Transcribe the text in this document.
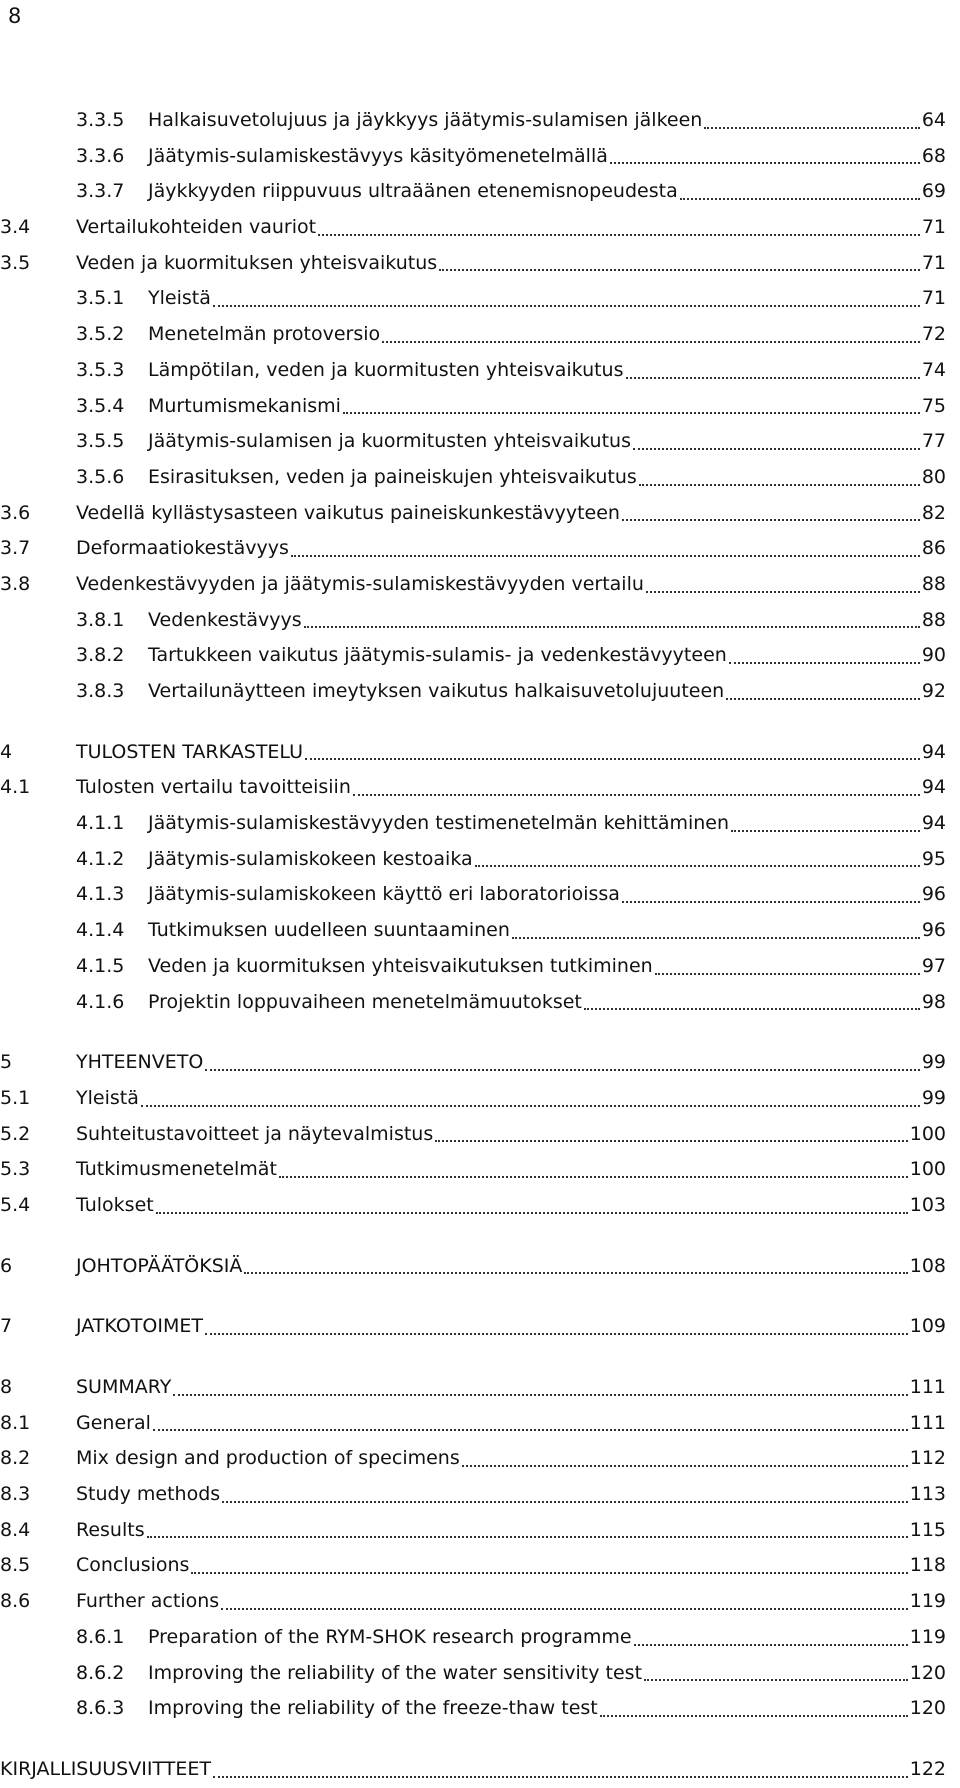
8
3.3.5 Halkaisuvetolujuus ja jäykkyys jäätymis-sulamisen jälkeen	64
3.3.6 Jäätymis-sulamiskestävyys käsityömenetelmällä	68
3.3.7 Jäykkyyden riippuvuus ultraäänen etenemisnopeudesta	69
3.4 Vertailukohteiden vauriot	71
3.5 Veden ja kuormituksen yhteisvaikutus	71
3.5.1 Yleistä	71
3.5.2 Menetelmän protoversio	72
3.5.3 Lämpötilan, veden ja kuormitusten yhteisvaikutus	74
3.5.4 Murtumismekanismi	75
3.5.5 Jäätymis-sulamisen ja kuormitusten yhteisvaikutus	77
3.5.6 Esirasituksen, veden ja paineiskujen yhteisvaikutus	80
3.6 Vedellä kyllästysasteen vaikutus paineiskunkestävyyteen	82
3.7 Deformaatiokestävyys	86
3.8 Vedenkestävyyden ja jäätymis-sulamiskestävyyden vertailu	88
3.8.1 Vedenkestävyys	88
3.8.2 Tartukkeen vaikutus jäätymis-sulamis- ja vedenkestävyyteen	90
3.8.3 Vertailunäytteen imeytyksen vaikutus halkaisuvetolujuuteen	92
4	TULOSTEN TARKASTELU	94
4.1 Tulosten vertailu tavoitteisiin	94
4.1.1 Jäätymis-sulamiskestävyyden testimenetelmän kehittäminen	94
4.1.2 Jäätymis-sulamiskokeen kestoaika	95
4.1.3 Jäätymis-sulamiskokeen käyttö eri laboratorioissa	96
4.1.4 Tutkimuksen uudelleen suuntaaminen	96
4.1.5 Veden ja kuormituksen yhteisvaikutuksen tutkiminen	97
4.1.6 Projektin loppuvaiheen menetelmämuutokset	98
5	YHTEENVETO	99
5.1 Yleistä	99
5.2 Suhteitustavoitteet ja näytevalmistus	100
5.3 Tutkimusmenetelmät	100
5.4 Tulokset	103
6	JOHTOPÄÄTÖKSIÄ	108
7	JATKOTOIMET	109
8	SUMMARY	111
8.1 General	111
8.2 Mix design and production of specimens	112
8.3 Study methods	113
8.4 Results	115
8.5 Conclusions	118
8.6 Further actions	119
8.6.1 Preparation of the RYM-SHOK research programme	119
8.6.2 Improving the reliability of the water sensitivity test	120
8.6.3 Improving the reliability of the freeze-thaw test	120
KIRJALLISUUSVIITTEET	122
